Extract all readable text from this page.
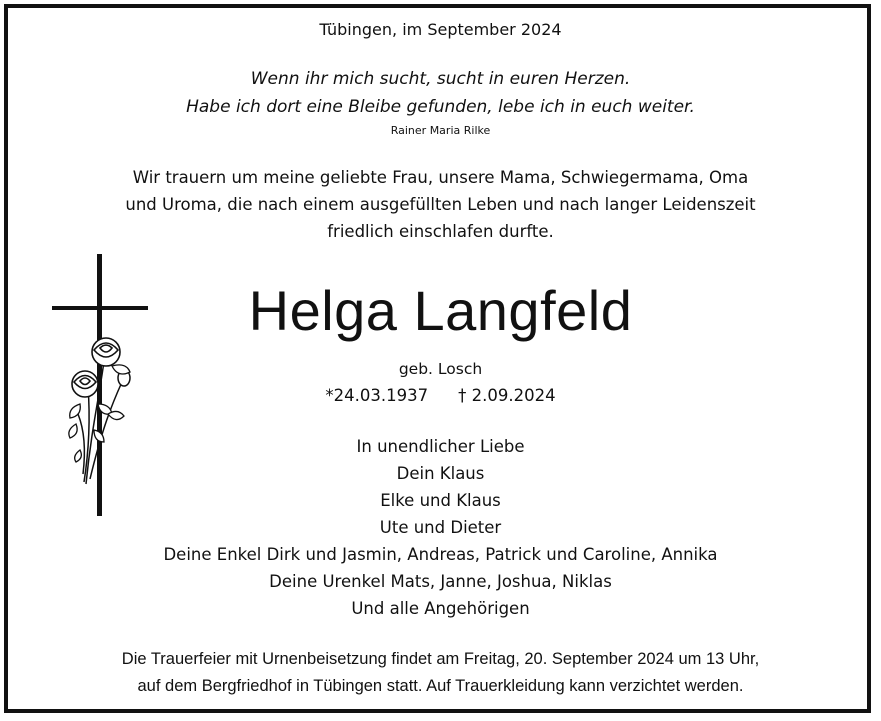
Tübingen, im September 2024
Wenn ihr mich sucht, sucht in euren Herzen.
Habe ich dort eine Bleibe gefunden, lebe ich in euch weiter.
Rainer Maria Rilke
Wir trauern um meine geliebte Frau, unsere Mama, Schwiegermama, Oma
und Uroma, die nach einem ausgefüllten Leben und nach langer Leidenszeit
friedlich einschlafen durfte.
Helga Langfeld
geb. Losch
*24.03.1937 † 2.09.2024
In unendlicher Liebe
Dein Klaus
Elke und Klaus
Ute und Dieter
Deine Enkel Dirk und Jasmin, Andreas, Patrick und Caroline, Annika
Deine Urenkel Mats, Janne, Joshua, Niklas
Und alle Angehörigen
Die Trauerfeier mit Urnenbeisetzung findet am Freitag, 20. September 2024 um 13 Uhr,
auf dem Bergfriedhof in Tübingen statt. Auf Trauerkleidung kann verzichtet werden.
